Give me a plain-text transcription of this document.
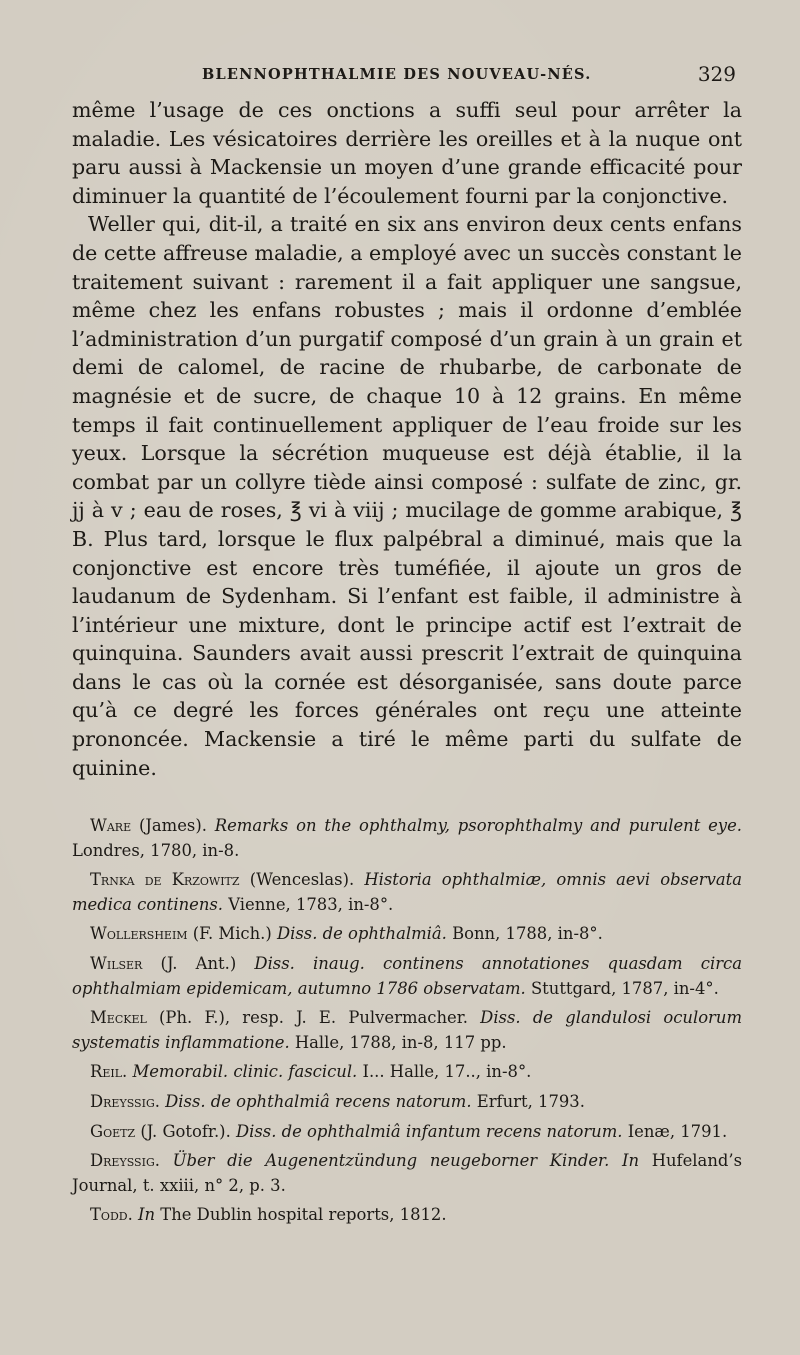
BLENNOPHTHALMIE DES NOUVEAU-NÉS.	329

même l’usage de ces onctions a suffi seul pour arrêter la maladie. Les vésicatoires derrière les oreilles et à la nuque ont paru aussi à Mackensie un moyen d’une grande efficacité pour diminuer la quantité de l’écoulement fourni par la conjonctive.

Weller qui, dit-il, a traité en six ans environ deux cents enfans de cette affreuse maladie, a employé avec un succès constant le traitement suivant : rarement il a fait appliquer une sangsue, même chez les enfans robustes ; mais il ordonne d’emblée l’administration d’un purgatif composé d’un grain à un grain et demi de calomel, de racine de rhubarbe, de carbonate de magnésie et de sucre, de chaque 10 à 12 grains. En même temps il fait continuellement appliquer de l’eau froide sur les yeux. Lorsque la sécrétion muqueuse est déjà établie, il la combat par un collyre tiède ainsi composé : sulfate de zinc, gr. jj à v ; eau de roses, ℥ vi à viij ; mucilage de gomme arabique, ℥ B. Plus tard, lorsque le flux palpébral a diminué, mais que la conjonctive est encore très tuméfiée, il ajoute un gros de laudanum de Sydenham. Si l’enfant est faible, il administre à l’intérieur une mixture, dont le principe actif est l’extrait de quinquina. Saunders avait aussi prescrit l’extrait de quinquina dans le cas où la cornée est désorganisée, sans doute parce qu’à ce degré les forces générales ont reçu une atteinte prononcée. Mackensie a tiré le même parti du sulfate de quinine.

Ware (James). Remarks on the ophthalmy, psorophthalmy and purulent eye. Londres, 1780, in-8.

Trnka de Krzowitz (Wenceslas). Historia ophthalmiæ, omnis aevi observata medica continens. Vienne, 1783, in-8°.

Wollersheim (F. Mich.) Diss. de ophthalmiâ. Bonn, 1788, in-8°.

Wilser (J. Ant.) Diss. inaug. continens annotationes quasdam circa ophthalmiam epidemicam, autumno 1786 observatam. Stuttgard, 1787, in-4°.

Meckel (Ph. F.), resp. J. E. Pulvermacher. Diss. de glandulosi oculorum systematis inflammatione. Halle, 1788, in-8, 117 pp.

Reil. Memorabil. clinic. fascicul. I... Halle, 17.., in-8°.

Dreyssig. Diss. de ophthalmiâ recens natorum. Erfurt, 1793.

Goetz (J. Gotofr.). Diss. de ophthalmiâ infantum recens natorum. Ienæ, 1791.

Dreyssig. Über die Augenentzündung neugeborner Kinder. In Hufeland’s Journal, t. xxiii, n° 2, p. 3.

Todd. In The Dublin hospital reports, 1812.
